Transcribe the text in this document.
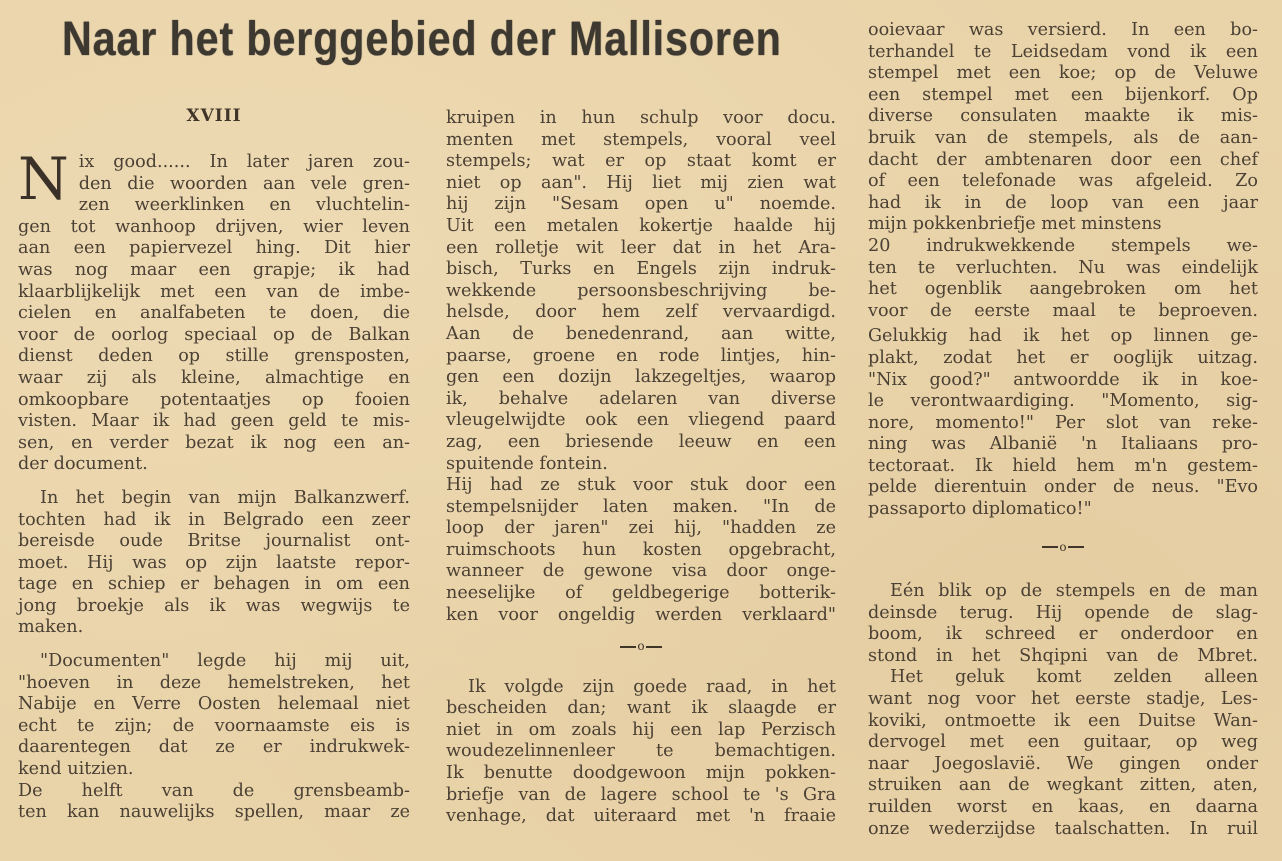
Naar het berggebied der Mallisoren
XVIII
N ix good...... In later jaren zou-
den die woorden aan vele gren-
zen weerklinken en vluchtelin-
gen tot wanhoop drijven, wier leven
aan een papiervezel hing. Dit hier
was nog maar een grapje; ik had
klaarblijkelijk met een van de imbe-
cielen en analfabeten te doen, die
voor de oorlog speciaal op de Balkan
dienst deden op stille grensposten,
waar zij als kleine, almachtige en
omkoopbare potentaatjes op fooien
visten. Maar ik had geen geld te mis-
sen, en verder bezat ik nog een an-
der document.
In het begin van mijn Balkanzwerf.
tochten had ik in Belgrado een zeer
bereisde oude Britse journalist ont-
moet. Hij was op zijn laatste repor-
tage en schiep er behagen in om een
jong broekje als ik was wegwijs te
maken.
"Documenten" legde hij mij uit,
"hoeven in deze hemelstreken, het
Nabije en Verre Oosten helemaal niet
echt te zijn; de voornaamste eis is
daarentegen dat ze er indrukwek-
kend uitzien.
De helft van de grensbeamb-
ten kan nauwelijks spellen, maar ze
kruipen in hun schulp voor docu.
menten met stempels, vooral veel
stempels; wat er op staat komt er
niet op aan". Hij liet mij zien wat
hij zijn "Sesam open u" noemde.
Uit een metalen kokertje haalde hij
een rolletje wit leer dat in het Ara-
bisch, Turks en Engels zijn indruk-
wekkende persoonsbeschrijving be-
helsde, door hem zelf vervaardigd.
Aan de benedenrand, aan witte,
paarse, groene en rode lintjes, hin-
gen een dozijn lakzegeltjes, waarop
ik, behalve adelaren van diverse
vleugelwijdte ook een vliegend paard
zag, een briesende leeuw en een
spuitende fontein.
Hij had ze stuk voor stuk door een
stempelsnijder laten maken. "In de
loop der jaren" zei hij, "hadden ze
ruimschoots hun kosten opgebracht,
wanneer de gewone visa door onge-
neeselijke of geldbegerige botterik-
ken voor ongeldig werden verklaard"
o
Ik volgde zijn goede raad, in het
bescheiden dan; want ik slaagde er
niet in om zoals hij een lap Perzisch
woudezelinnenleer te bemachtigen.
Ik benutte doodgewoon mijn pokken-
briefje van de lagere school te 's Gra
venhage, dat uiteraard met 'n fraaie
ooievaar was versierd. In een bo-
terhandel te Leidsedam vond ik een
stempel met een koe; op de Veluwe
een stempel met een bijenkorf. Op
diverse consulaten maakte ik mis-
bruik van de stempels, als de aan-
dacht der ambtenaren door een chef
of een telefonade was afgeleid. Zo
had ik in de loop van een jaar
mijn pokkenbriefje met minstens
20 indrukwekkende stempels we-
ten te verluchten. Nu was eindelijk
het ogenblik aangebroken om het
voor de eerste maal te beproeven.
Gelukkig had ik het op linnen ge-
plakt, zodat het er ooglijk uitzag.
"Nix good?" antwoordde ik in koe-
le verontwaardiging. "Momento, sig-
nore, momento!" Per slot van reke-
ning was Albanië 'n Italiaans pro-
tectoraat. Ik hield hem m'n gestem-
pelde dierentuin onder de neus. "Evo
passaporto diplomatico!"
o
Eén blik op de stempels en de man
deinsde terug. Hij opende de slag-
boom, ik schreed er onderdoor en
stond in het Shqipni van de Mbret.
Het geluk komt zelden alleen
want nog voor het eerste stadje, Les-
koviki, ontmoette ik een Duitse Wan-
dervogel met een guitaar, op weg
naar Joegoslavië. We gingen onder
struiken aan de wegkant zitten, aten,
ruilden worst en kaas, en daarna
onze wederzijdse taalschatten. In ruil
